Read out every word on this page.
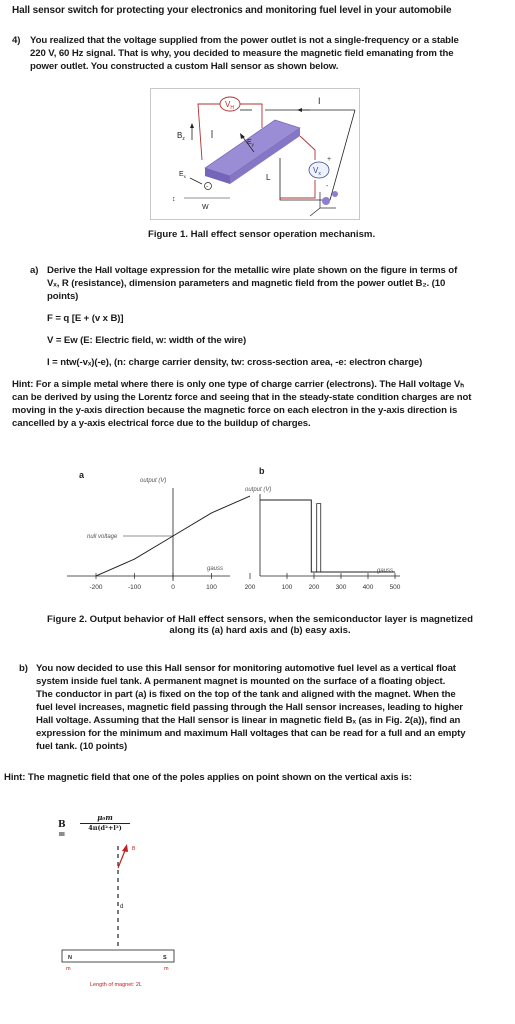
Hall sensor switch for protecting your electronics and monitoring fuel level in your automobile
4) You realized that the voltage supplied from the power outlet is not a single-frequency or a stable
220 V, 60 Hz signal. That is why, you decided to measure the magnetic field emanating from the
power outlet. You constructed a custom Hall sensor as shown below.
$V_H$
$V_x$
+
-
I
$B_z$	$E_y$
$E_x$
-
L
W
↕
Figure 1. Hall effect sensor operation mechanism.
a) Derive the Hall voltage expression for the metallic wire plate shown on the figure in terms of
Vₓ, R (resistance), dimension parameters and magnetic field from the power outlet B₂. (10
points)
F = q [E + (v x B)]
V = Ew (E: Electric field, w: width of the wire)
I = ntw(-vₓ)(-e), (n: charge carrier density, tw: cross-section area, -e: electron charge)
Hint: For a simple metal where there is only one type of charge carrier (electrons). The Hall voltage Vₕ
can be derived by using the Lorentz force and seeing that in the steady-state condition charges are not
moving in the y-axis direction because the magnetic force on each electron in the y-axis direction is
cancelled by a y-axis electrical force due to the buildup of charges.
a
output (V)
gauss
null voltage
-200	-100	0	100	200
b
output (V)
gauss
100 200 300 400 500
Figure 2. Output behavior of Hall effect sensors, when the semiconductor layer is magnetized
along its (a) hard axis and (b) easy axis.
b) You now decided to use this Hall sensor for monitoring automotive fuel level as a vertical float
system inside fuel tank. A permanent magnet is mounted on the surface of a floating object.
The conductor in part (a) is fixed on the top of the tank and aligned with the magnet. When the
fuel level increases, magnetic field passing through the Hall sensor increases, leading to higher
Hall voltage. Assuming that the Hall sensor is linear in magnetic field Bₓ (as in Fig. 2(a)), find an
expression for the minimum and maximum Hall voltages that can be read for a full and an empty
fuel tank. (10 points)
Hint: The magnetic field that one of the poles applies on point shown on the vertical axis is:
B =
μ₀m
4π(d²+l²)
B
d
N	S
m	m
Length of magnet: 2L
